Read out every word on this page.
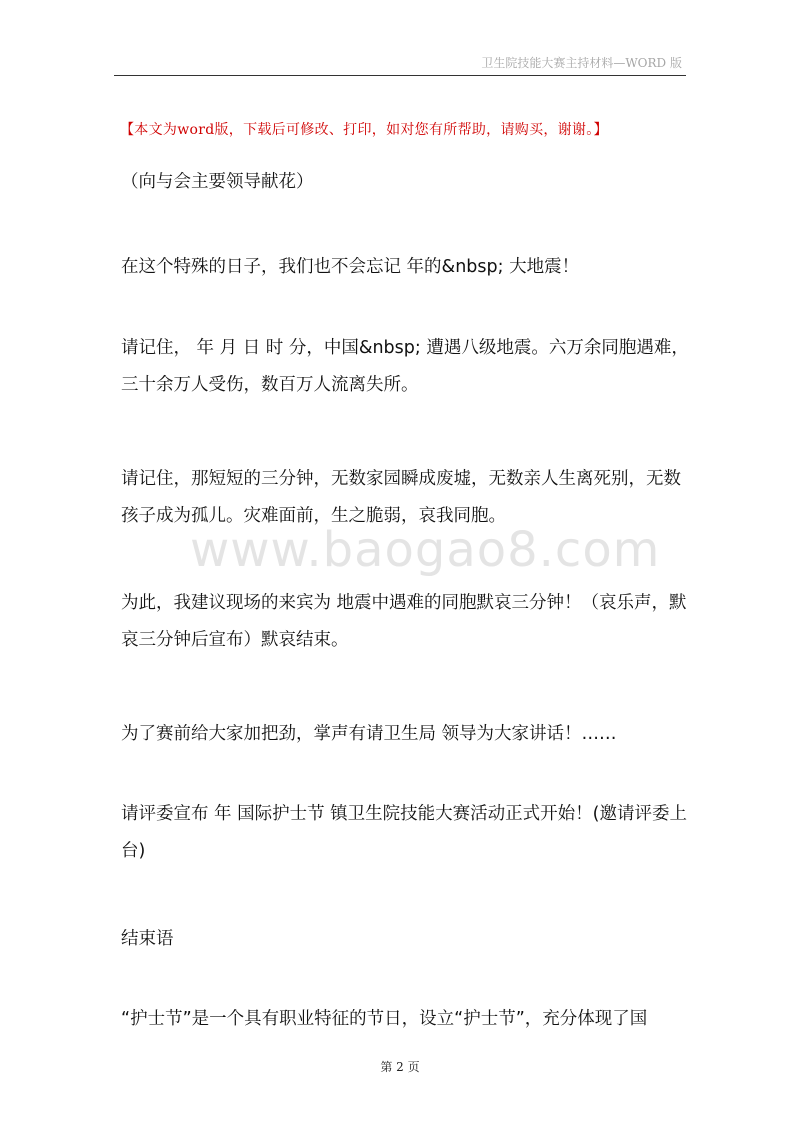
卫生院技能大赛主持材料—WORD 版
【本文为word版，下载后可修改、打印，如对您有所帮助，请购买，谢谢。】

（向与会主要领导献花）

在这个特殊的日子，我们也不会忘记 年的&nbsp; 大地震！

请记住， 年 月 日 时 分，中国&nbsp; 遭遇八级地震。六万余同胞遇难，三十余万人受伤，数百万人流离失所。

请记住，那短短的三分钟，无数家园瞬成废墟，无数亲人生离死别，无数孩子成为孤儿。灾难面前，生之脆弱，哀我同胞。

www.baogao8.com

为此，我建议现场的来宾为 地震中遇难的同胞默哀三分钟！（哀乐声，默哀三分钟后宣布）默哀结束。

为了赛前给大家加把劲，掌声有请卫生局 领导为大家讲话！……

请评委宣布 年 国际护士节 镇卫生院技能大赛活动正式开始！(邀请评委上台)

结束语

“护士节”是一个具有职业特征的节日，设立“护士节”，充分体现了国

第 2 页
